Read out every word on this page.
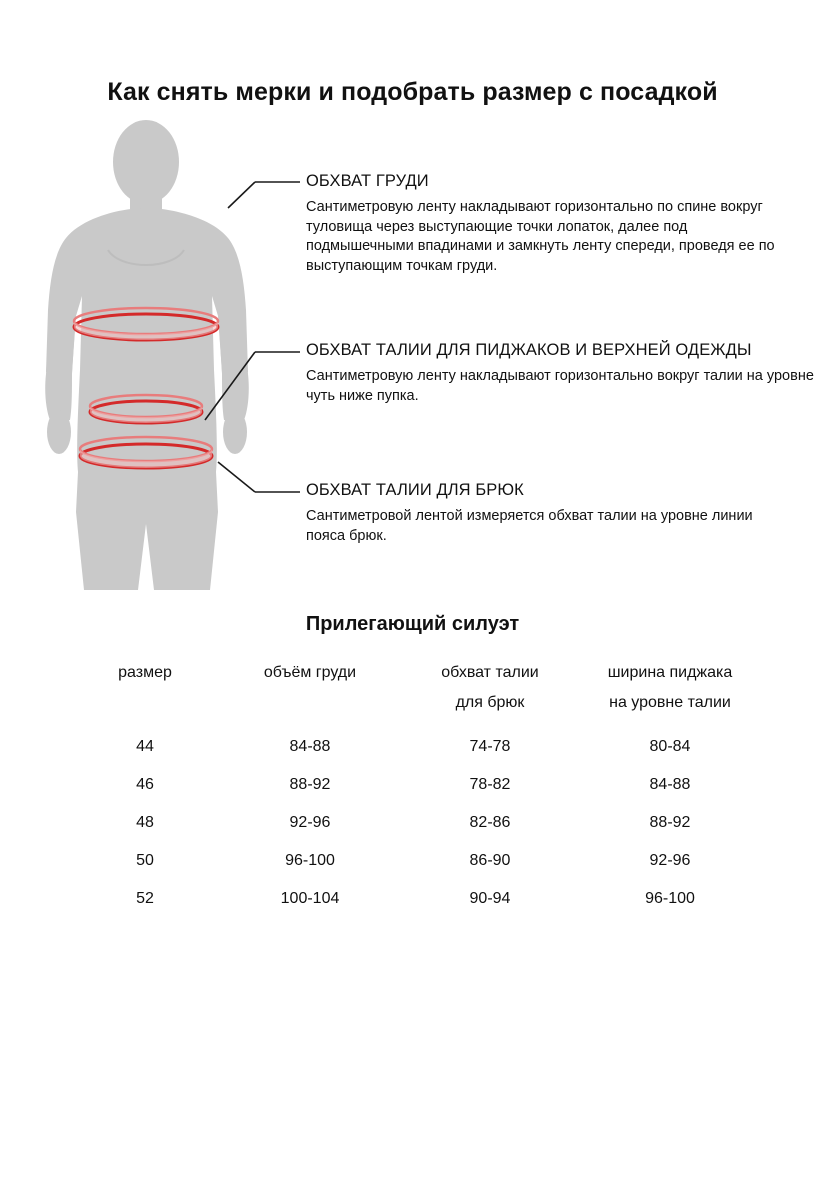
Как снять мерки и подобрать размер с посадкой
ОБХВАТ ГРУДИ
Сантиметровую ленту накладывают горизонтально по спине вокруг туловища через выступающие точки лопаток, далее под подмышечными впадинами и замкнуть ленту спереди, проведя ее по выступающим точкам груди.
ОБХВАТ ТАЛИИ ДЛЯ ПИДЖАКОВ И ВЕРХНЕЙ ОДЕЖДЫ
Сантиметровую ленту накладывают горизонтально вокруг талии на уровне чуть ниже пупка.
ОБХВАТ ТАЛИИ ДЛЯ БРЮК
Сантиметровой лентой измеряется обхват талии на уровне линии пояса брюк.
Прилегающий силуэт
размер	объём груди	обхват талии	ширина пиджака
		для брюк	на уровне талии
44	84-88	74-78	80-84
46	88-92	78-82	84-88
48	92-96	82-86	88-92
50	96-100	86-90	92-96
52	100-104	90-94	96-100
